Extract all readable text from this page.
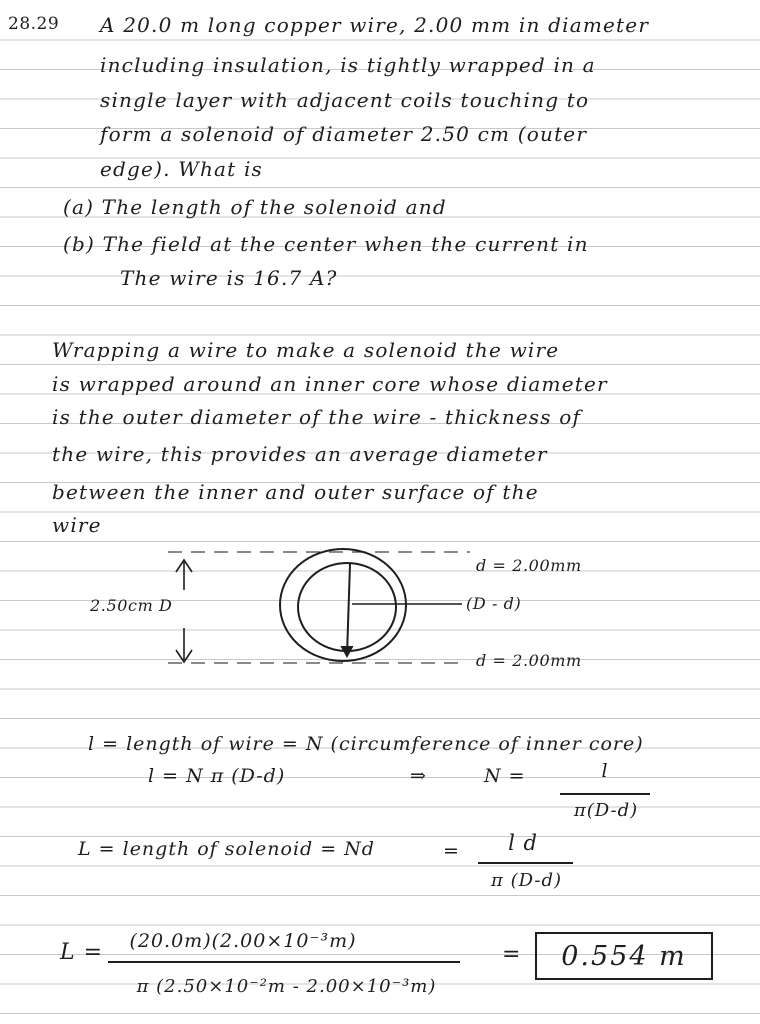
28.29 A 20.0 m long copper wire, 2.00 mm in diameter
including insulation, is tightly wrapped in a
single layer with adjacent coils touching to
form a solenoid of diameter 2.50 cm (outer
edge). What is
(a) The length of the solenoid and
(b) The field at the center when the current in
The wire is 16.7 A?
Wrapping a wire to make a solenoid the wire
is wrapped around an inner core whose diameter
is the outer diameter of the wire - thickness of
the wire, this provides an average diameter
between the inner and outer surface of the
wire
2.50cm D
d = 2.00mm
(D - d)
d = 2.00mm
l = length of wire = N (circumference of inner core)
l = N π (D-d)	⇒	N =	l
π(D-d)
L = length of solenoid = Nd	=	l d
π (D-d)
L =	(20.0m)(2.00×10⁻³m)
π (2.50×10⁻²m - 2.00×10⁻³m)
=	0.554 m
